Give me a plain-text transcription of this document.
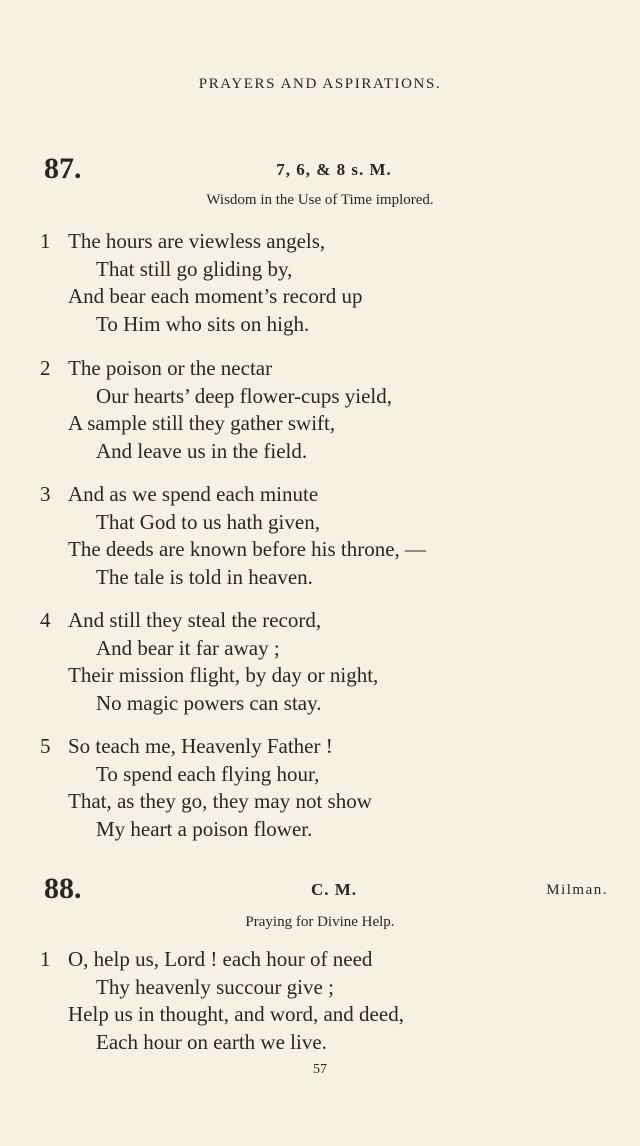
PRAYERS AND ASPIRATIONS.
87.	7, 6, & 8 s. M.
Wisdom in the Use of Time implored.
1 The hours are viewless angels,
That still go gliding by,
And bear each moment’s record up
To Him who sits on high.
2 The poison or the nectar
Our hearts’ deep flower-cups yield,
A sample still they gather swift,
And leave us in the field.
3 And as we spend each minute
That God to us hath given,
The deeds are known before his throne, —
The tale is told in heaven.
4 And still they steal the record,
And bear it far away ;
Their mission flight, by day or night,
No magic powers can stay.
5 So teach me, Heavenly Father !
To spend each flying hour,
That, as they go, they may not show
My heart a poison flower.
88.	C. M.	Milman.
Praying for Divine Help.
1 O, help us, Lord ! each hour of need
Thy heavenly succour give ;
Help us in thought, and word, and deed,
Each hour on earth we live.
57
